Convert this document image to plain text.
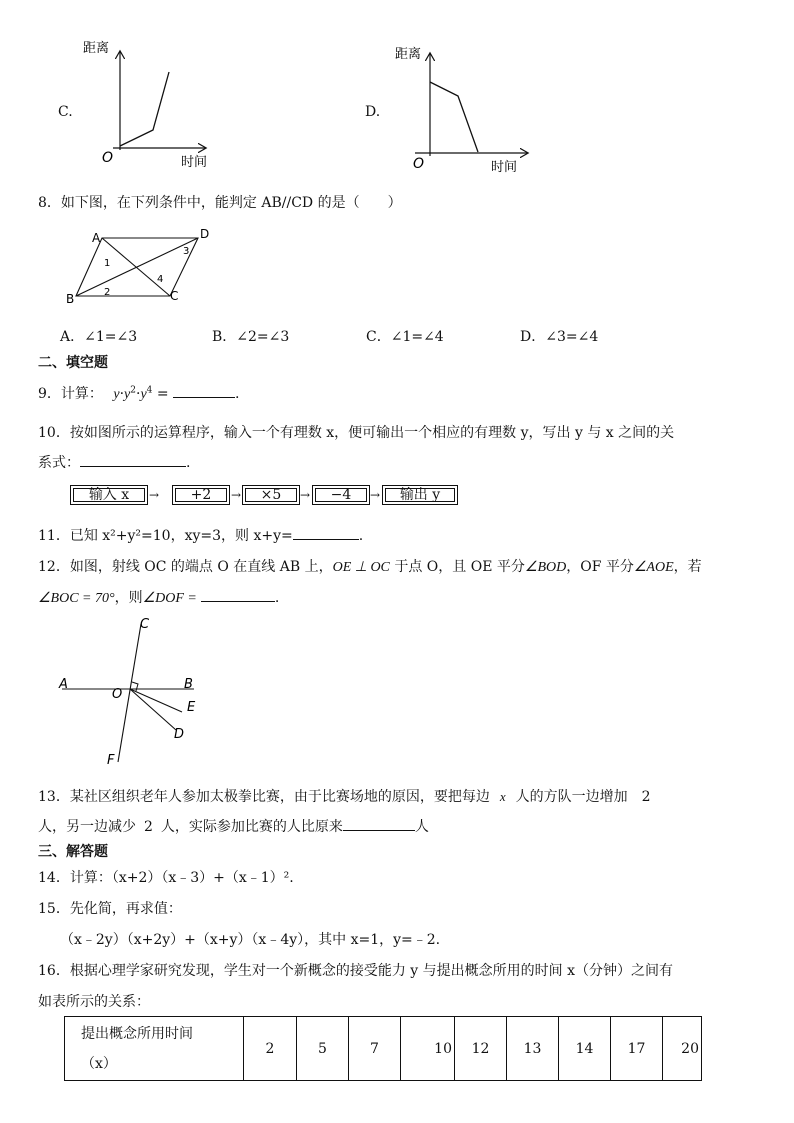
C.
距离
时间
O
D.
距离
时间
O
8．如下图，在下列条件中，能判定 AB//CD 的是（　　）
A	D
B	C
1
2
3
4
A．∠1=∠3	B．∠2=∠3	C．∠1=∠4	D．∠3=∠4
二、填空题
9．计算： $y\cdot y^2\cdot y^4$ =	.
10．按如图所示的运算程序，输入一个有理数 x，便可输出一个相应的有理数 y，写出 y 与 x 之间的关
系式：	.
输入 x	→	+2	→	×5	→	−4	→	输出 y
11．已知 x²+y²=10，xy=3，则 x+y=	.
12．如图，射线 OC 的端点 O 在直线 AB 上，OE ⊥ OC 于点 O，且 OE 平分∠BOD，OF 平分∠AOE，若
∠BOC = 70°，则∠DOF =	.
A	B
C
O
E
D
F
13．某社区组织老年人参加太极拳比赛，由于比赛场地的原因，要把每边 x 人的方队一边增加 2
人，另一边减少 2 人，实际参加比赛的人比原来	人
三、解答题
14．计算：（x+2）（x﹣3）+（x﹣1）².
15．先化简，再求值：
（x﹣2y）（x+2y）+（x+y）（x﹣4y），其中 x=1，y=﹣2.
16．根据心理学家研究发现，学生对一个新概念的接受能力 y 与提出概念所用的时间 x（分钟）之间有
如表所示的关系：
提出概念所用时间
（x）
	2	5	7	10	12	13	14	17	20
